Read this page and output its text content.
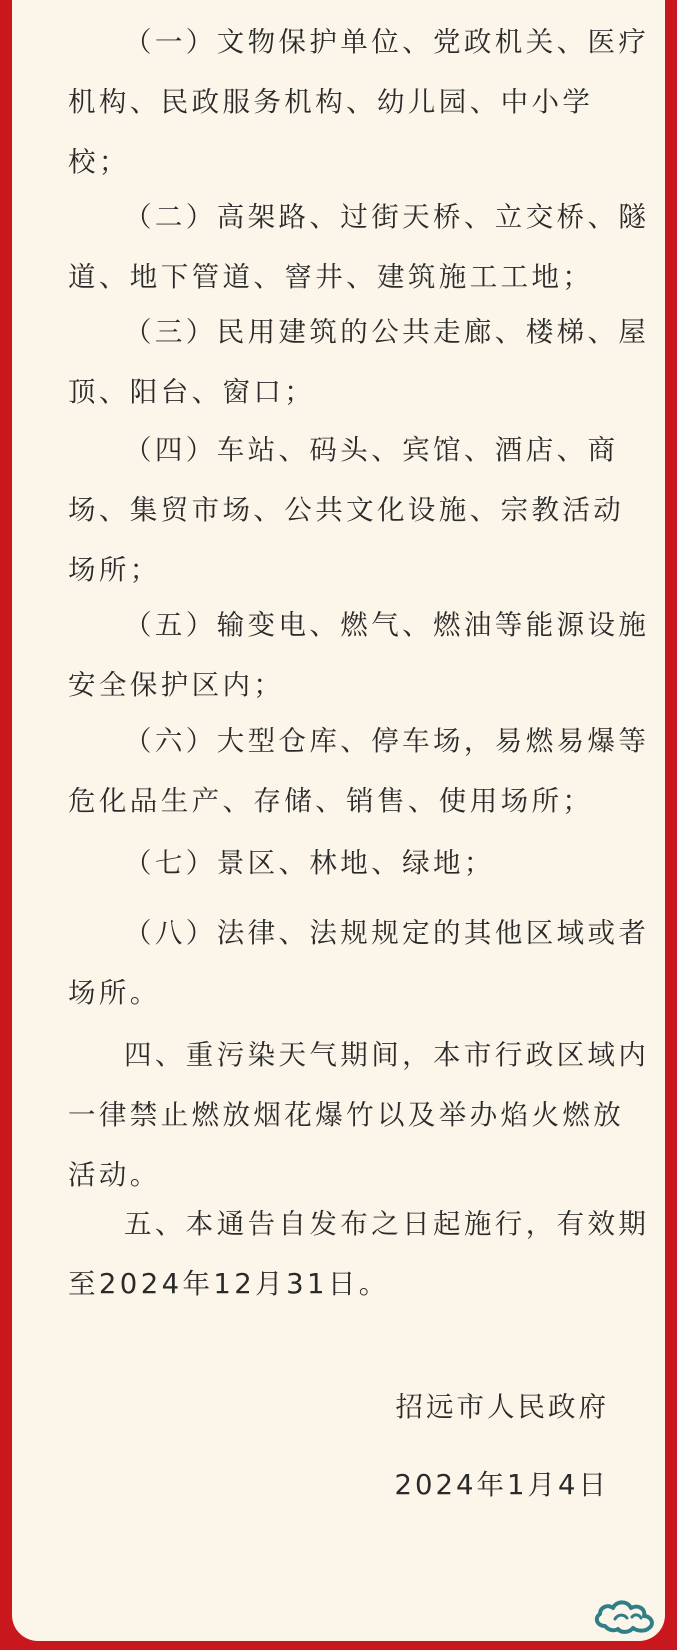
（一）文物保护单位、党政机关、医疗机构、民政服务机构、幼儿园、中小学校；

（二）高架路、过街天桥、立交桥、隧道、地下管道、窨井、建筑施工工地；

（三）民用建筑的公共走廊、楼梯、屋顶、阳台、窗口；

（四）车站、码头、宾馆、酒店、商场、集贸市场、公共文化设施、宗教活动场所；

（五）输变电、燃气、燃油等能源设施安全保护区内；

（六）大型仓库、停车场，易燃易爆等危化品生产、存储、销售、使用场所；

（七）景区、林地、绿地；

（八）法律、法规规定的其他区域或者场所。

四、重污染天气期间，本市行政区域内一律禁止燃放烟花爆竹以及举办焰火燃放活动。

五、本通告自发布之日起施行，有效期至2024年12月31日。

招远市人民政府

2024年1月4日
